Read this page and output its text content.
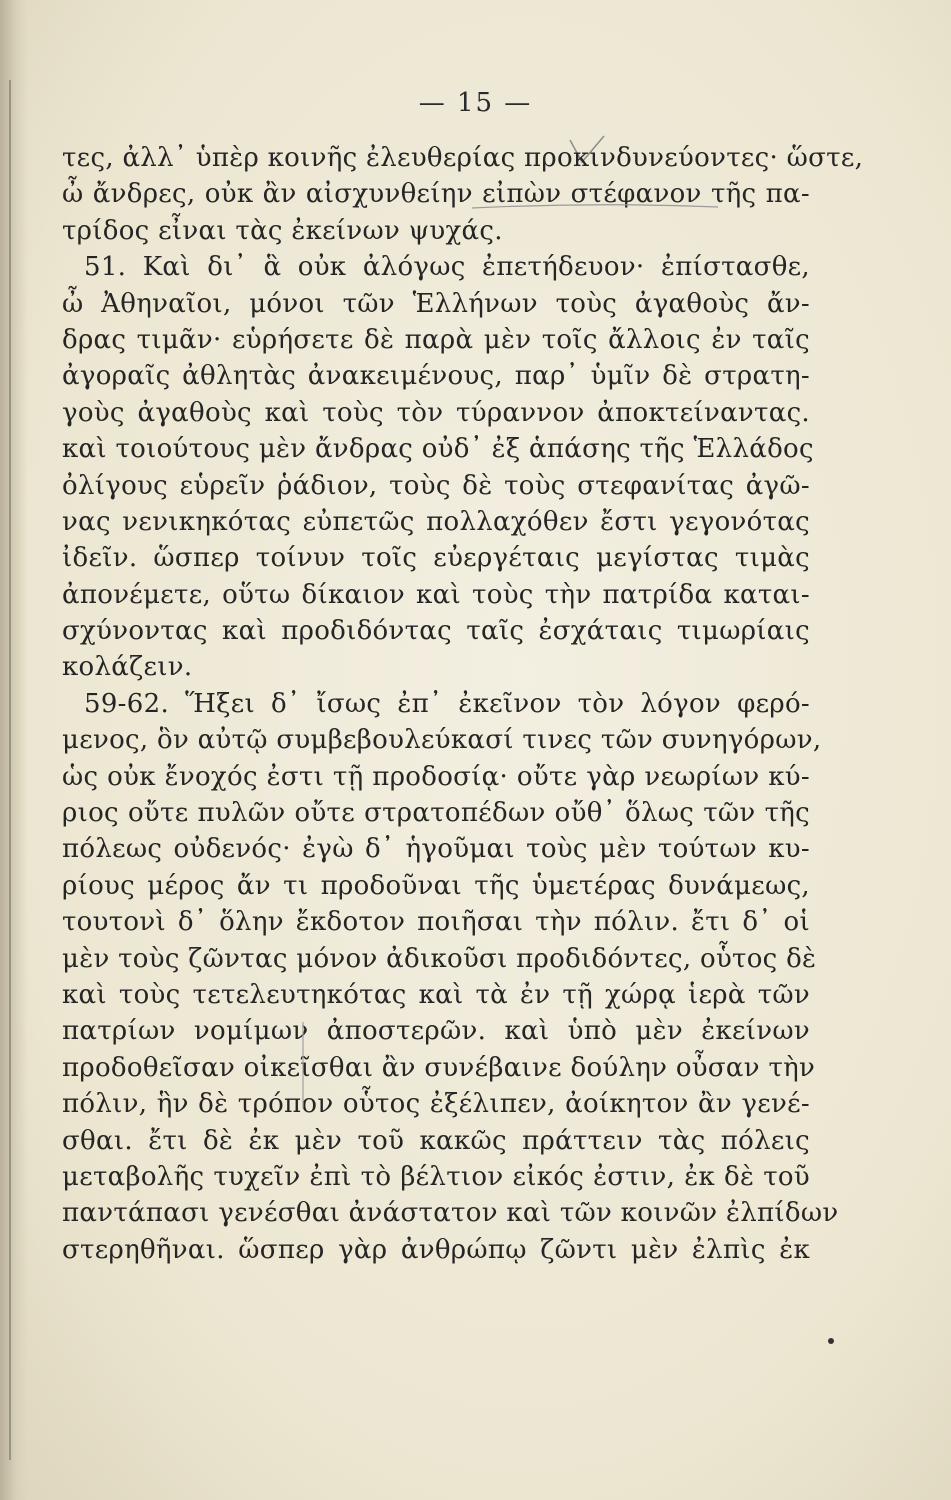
— 15 —
τες, ἀλλ᾽ ὑπὲρ κοινῆς ἐλευθερίας προκινδυνεύοντες· ὥστε,
ὦ ἄνδρες, οὐκ ἂν αἰσχυνθείην εἰπὼν στέφανον τῆς πα-
τρίδος εἶναι τὰς ἐκείνων ψυχάς.
51. Καὶ δι᾽ ἃ οὐκ ἀλόγως ἐπετήδευον· ἐπίστασθε,
ὦ Ἀθηναῖοι, μόνοι τῶν Ἑλλήνων τοὺς ἀγαθοὺς ἄν-
δρας τιμᾶν· εὑρήσετε δὲ παρὰ μὲν τοῖς ἄλλοις ἐν ταῖς
ἀγοραῖς ἀθλητὰς ἀνακειμένους, παρ᾽ ὑμῖν δὲ στρατη-
γοὺς ἀγαθοὺς καὶ τοὺς τὸν τύραννον ἀποκτείναντας.
καὶ τοιούτους μὲν ἄνδρας οὐδ᾽ ἐξ ἁπάσης τῆς Ἑλλάδος
ὀλίγους εὑρεῖν ῥάδιον, τοὺς δὲ τοὺς στεφανίτας ἀγῶ-
νας νενικηκότας εὐπετῶς πολλαχόθεν ἔστι γεγονότας
ἰδεῖν. ὥσπερ τοίνυν τοῖς εὐεργέταις μεγίστας τιμὰς
ἀπονέμετε, οὕτω δίκαιον καὶ τοὺς τὴν πατρίδα καται-
σχύνοντας καὶ προδιδόντας ταῖς ἐσχάταις τιμωρίαις
κολάζειν.
59-62. Ἥξει δ᾽ ἴσως ἐπ᾽ ἐκεῖνον τὸν λόγον φερό-
μενος, ὃν αὐτῷ συμβεβουλεύκασί τινες τῶν συνηγόρων,
ὡς οὐκ ἔνοχός ἐστι τῇ προδοσίᾳ· οὔτε γὰρ νεωρίων κύ-
ριος οὔτε πυλῶν οὔτε στρατοπέδων οὔθ᾽ ὅλως τῶν τῆς
πόλεως οὐδενός· ἐγὼ δ᾽ ἡγοῦμαι τοὺς μὲν τούτων κυ-
ρίους μέρος ἄν τι προδοῦναι τῆς ὑμετέρας δυνάμεως,
τουτονὶ δ᾽ ὅλην ἔκδοτον ποιῆσαι τὴν πόλιν. ἔτι δ᾽ οἱ
μὲν τοὺς ζῶντας μόνον ἀδικοῦσι προδιδόντες, οὗτος δὲ
καὶ τοὺς τετελευτηκότας καὶ τὰ ἐν τῇ χώρᾳ ἱερὰ τῶν
πατρίων νομίμων ἀποστερῶν. καὶ ὑπὸ μὲν ἐκείνων
προδοθεῖσαν οἰκεῖσθαι ἂν συνέβαινε δούλην οὖσαν τὴν
πόλιν, ἣν δὲ τρόπον οὗτος ἐξέλιπεν, ἀοίκητον ἂν γενέ-
σθαι. ἔτι δὲ ἐκ μὲν τοῦ κακῶς πράττειν τὰς πόλεις
μεταβολῆς τυχεῖν ἐπὶ τὸ βέλτιον εἰκός ἐστιν, ἐκ δὲ τοῦ
παντάπασι γενέσθαι ἀνάστατον καὶ τῶν κοινῶν ἐλπίδων
στερηθῆναι. ὥσπερ γὰρ ἀνθρώπῳ ζῶντι μὲν ἐλπὶς ἐκ
